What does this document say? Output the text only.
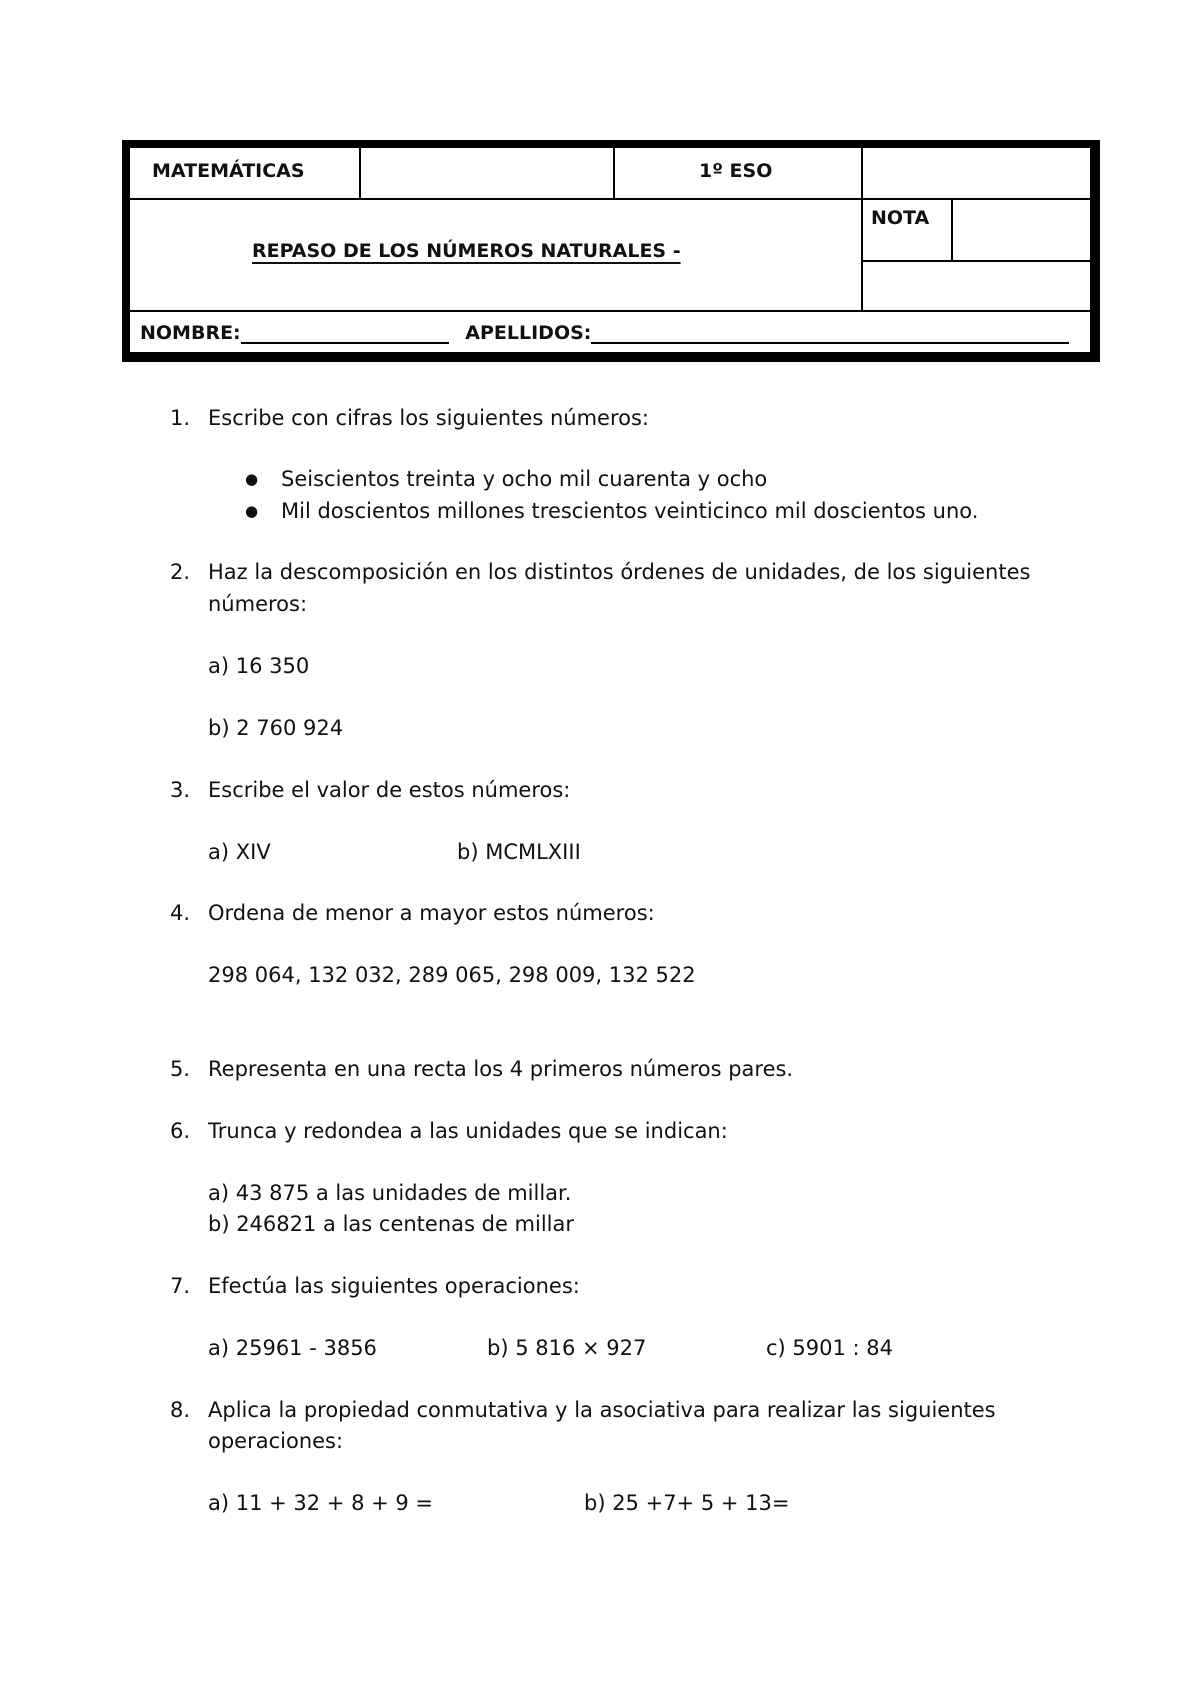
MATEMÁTICAS	1º ESO
REPASO DE LOS NÚMEROS NATURALES -
NOTA
NOMBRE:	APELLIDOS:
1. Escribe con cifras los siguientes números:
● Seiscientos treinta y ocho mil cuarenta y ocho
● Mil doscientos millones trescientos veinticinco mil doscientos uno.
2. Haz la descomposición en los distintos órdenes de unidades, de los siguientes
números:
a) 16 350
b) 2 760 924
3. Escribe el valor de estos números:
a) XIV	b) MCMLXIII
4. Ordena de menor a mayor estos números:
298 064, 132 032, 289 065, 298 009, 132 522
5. Representa en una recta los 4 primeros números pares.
6. Trunca y redondea a las unidades que se indican:
a) 43 875 a las unidades de millar.
b) 246821 a las centenas de millar
7. Efectúa las siguientes operaciones:
a) 25961 - 3856	b) 5 816 × 927	c) 5901 : 84
8. Aplica la propiedad conmutativa y la asociativa para realizar las siguientes
operaciones:
a) 11 + 32 + 8 + 9 =	b) 25 +7+ 5 + 13=
